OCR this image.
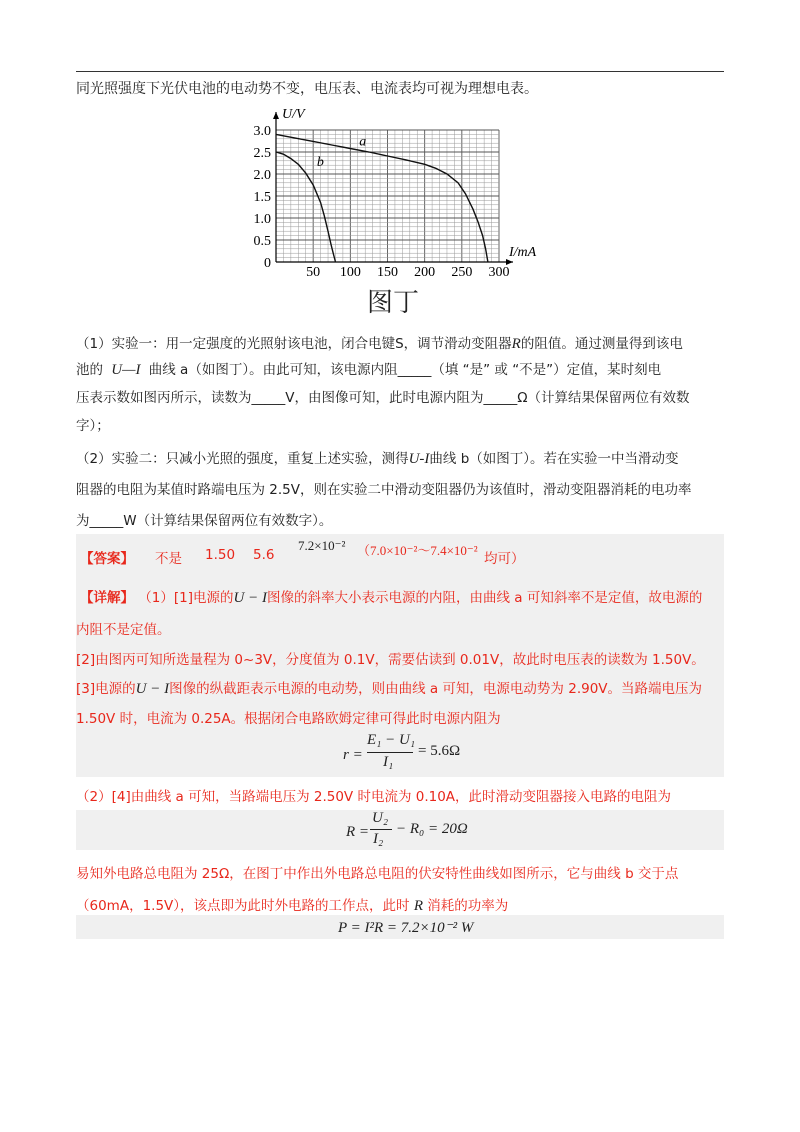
同光照强度下光伏电池的电动势不变，电压表、电流表均可视为理想电表。
I/mA
U/V
50 100 150 200 250 300
3.0
2.5
2.0
1.5
1.0
0.5
0
a
b
图丁
（1）实验一：用一定强度的光照射该电池，闭合电键S，调节滑动变阻器R的阻值。通过测量得到该电
池的 U—I 曲线 a（如图丁）。由此可知，该电源内阻_____（填 “是” 或 “不是”）定值，某时刻电
压表示数如图丙所示，读数为_____V，由图像可知，此时电源内阻为_____Ω（计算结果保留两位有效数
字）；
（2）实验二：只减小光照的强度，重复上述实验，测得U-I曲线 b（如图丁）。若在实验一中当滑动变
阻器的电阻为某值时路端电压为 2.5V，则在实验二中滑动变阻器仍为该值时，滑动变阻器消耗的电功率
为_____W（计算结果保留两位有效数字）。
【答案】 不是 1.50 5.6
7.2×10⁻² （7.0×10⁻²～7.4×10⁻²
均可）
【详解】 （1）[1]电源的U − I图像的斜率大小表示电源的内阻，由曲线 a 可知斜率不是定值，故电源的
内阻不是定值。
[2]由图丙可知所选量程为 0~3V，分度值为 0.1V，需要估读到 0.01V，故此时电压表的读数为 1.50V。
[3]电源的U − I图像的纵截距表示电源的电动势，则由曲线 a 可知，电源电动势为 2.90V。当路端电压为
1.50V 时，电流为 0.25A。根据闭合电路欧姆定律可得此时电源内阻为
r =
E₁ − U₁
I₁
= 5.6Ω
（2）[4]由曲线 a 可知，当路端电压为 2.50V 时电流为 0.10A，此时滑动变阻器接入电路的电阻为
R =
U₂
I₂
− R₀ = 20Ω
易知外电路总电阻为 25Ω，在图丁中作出外电路总电阻的伏安特性曲线如图所示，它与曲线 b 交于点
（60mA，1.5V），该点即为此时外电路的工作点，此时 R 消耗的功率为
P = I²R = 7.2×10⁻² W
